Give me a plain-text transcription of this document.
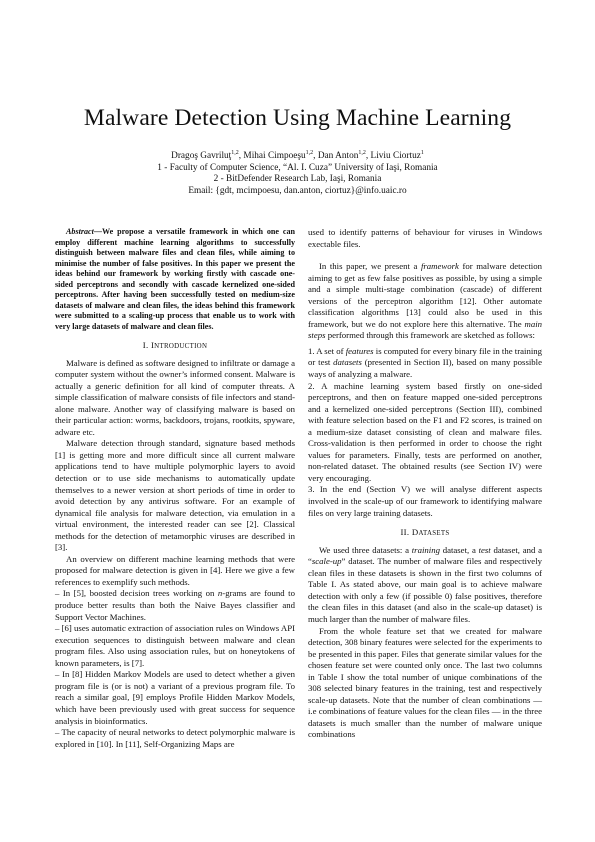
Malware Detection Using Machine Learning
Dragoş Gavriluţ$^{1,2}$, Mihai Cimpoeşu$^{1,2}$, Dan Anton$^{1,2}$, Liviu Ciortuz$^1$
1 - Faculty of Computer Science, “Al. I. Cuza” University of Iaşi, Romania
2 - BitDefender Research Lab, Iaşi, Romania
Email: {gdt, mcimpoesu, dan.anton, ciortuz}@info.uaic.ro

Abstract—We propose a versatile framework in which one can employ different machine learning algorithms to successfully distinguish between malware files and clean files, while aiming to minimise the number of false positives. In this paper we present the ideas behind our framework by working firstly with cascade one-sided perceptrons and secondly with cascade kernelized one-sided perceptrons. After having been successfully tested on medium-size datasets of malware and clean files, the ideas behind this framework were submitted to a scaling-up process that enable us to work with very large datasets of malware and clean files.

I. INTRODUCTION

Malware is defined as software designed to infiltrate or damage a computer system without the owner’s informed consent. Malware is actually a generic definition for all kind of computer threats. A simple classification of malware consists of file infectors and stand-alone malware. Another way of classifying malware is based on their particular action: worms, backdoors, trojans, rootkits, spyware, adware etc.

Malware detection through standard, signature based methods [1] is getting more and more difficult since all current malware applications tend to have multiple polymorphic layers to avoid detection or to use side mechanisms to automatically update themselves to a newer version at short periods of time in order to avoid detection by any antivirus software. For an example of dynamical file analysis for malware detection, via emulation in a virtual environment, the interested reader can see [2]. Classical methods for the detection of metamorphic viruses are described in [3].

An overview on different machine learning methods that were proposed for malware detection is given in [4]. Here we give a few references to exemplify such methods.

– In [5], boosted decision trees working on n-grams are found to produce better results than both the Naive Bayes classifier and Support Vector Machines.

– [6] uses automatic extraction of association rules on Windows API execution sequences to distinguish between malware and clean program files. Also using association rules, but on honeytokens of known parameters, is [7].

– In [8] Hidden Markov Models are used to detect whether a given program file is (or is not) a variant of a previous program file. To reach a similar goal, [9] employs Profile Hidden Markov Models, which have been previously used with great success for sequence analysis in bioinformatics.

– The capacity of neural networks to detect polymorphic malware is explored in [10]. In [11], Self-Organizing Maps are

used to identify patterns of behaviour for viruses in Windows exectable files.

In this paper, we present a framework for malware detection aiming to get as few false positives as possible, by using a simple and a simple multi-stage combination (cascade) of different versions of the perceptron algorithm [12]. Other automate classification algorithms [13] could also be used in this framework, but we do not explore here this alternative. The main steps performed through this framework are sketched as follows:

1. A set of features is computed for every binary file in the training or test datasets (presented in Section II), based on many possible ways of analyzing a malware.

2. A machine learning system based firstly on one-sided perceptrons, and then on feature mapped one-sided perceptrons and a kernelized one-sided perceptrons (Section III), combined with feature selection based on the F1 and F2 scores, is trained on a medium-size dataset consisting of clean and malware files. Cross-validation is then performed in order to choose the right values for parameters. Finally, tests are performed on another, non-related dataset. The obtained results (see Section IV) were very encouraging.

3. In the end (Section V) we will analyse different aspects involved in the scale-up of our framework to identifying malware files on very large training datasets.

II. DATASETS

We used three datasets: a training dataset, a test dataset, and a “scale-up” dataset. The number of malware files and respectively clean files in these datasets is shown in the first two columns of Table I. As stated above, our main goal is to achieve malware detection with only a few (if possible 0) false positives, therefore the clean files in this dataset (and also in the scale-up dataset) is much larger than the number of malware files.

From the whole feature set that we created for malware detection, 308 binary features were selected for the experiments to be presented in this paper. Files that generate similar values for the chosen feature set were counted only once. The last two columns in Table I show the total number of unique combinations of the 308 selected binary features in the training, test and respectively scale-up datasets. Note that the number of clean combinations — i.e combinations of feature values for the clean files — in the three datasets is much smaller than the number of malware unique combinations
